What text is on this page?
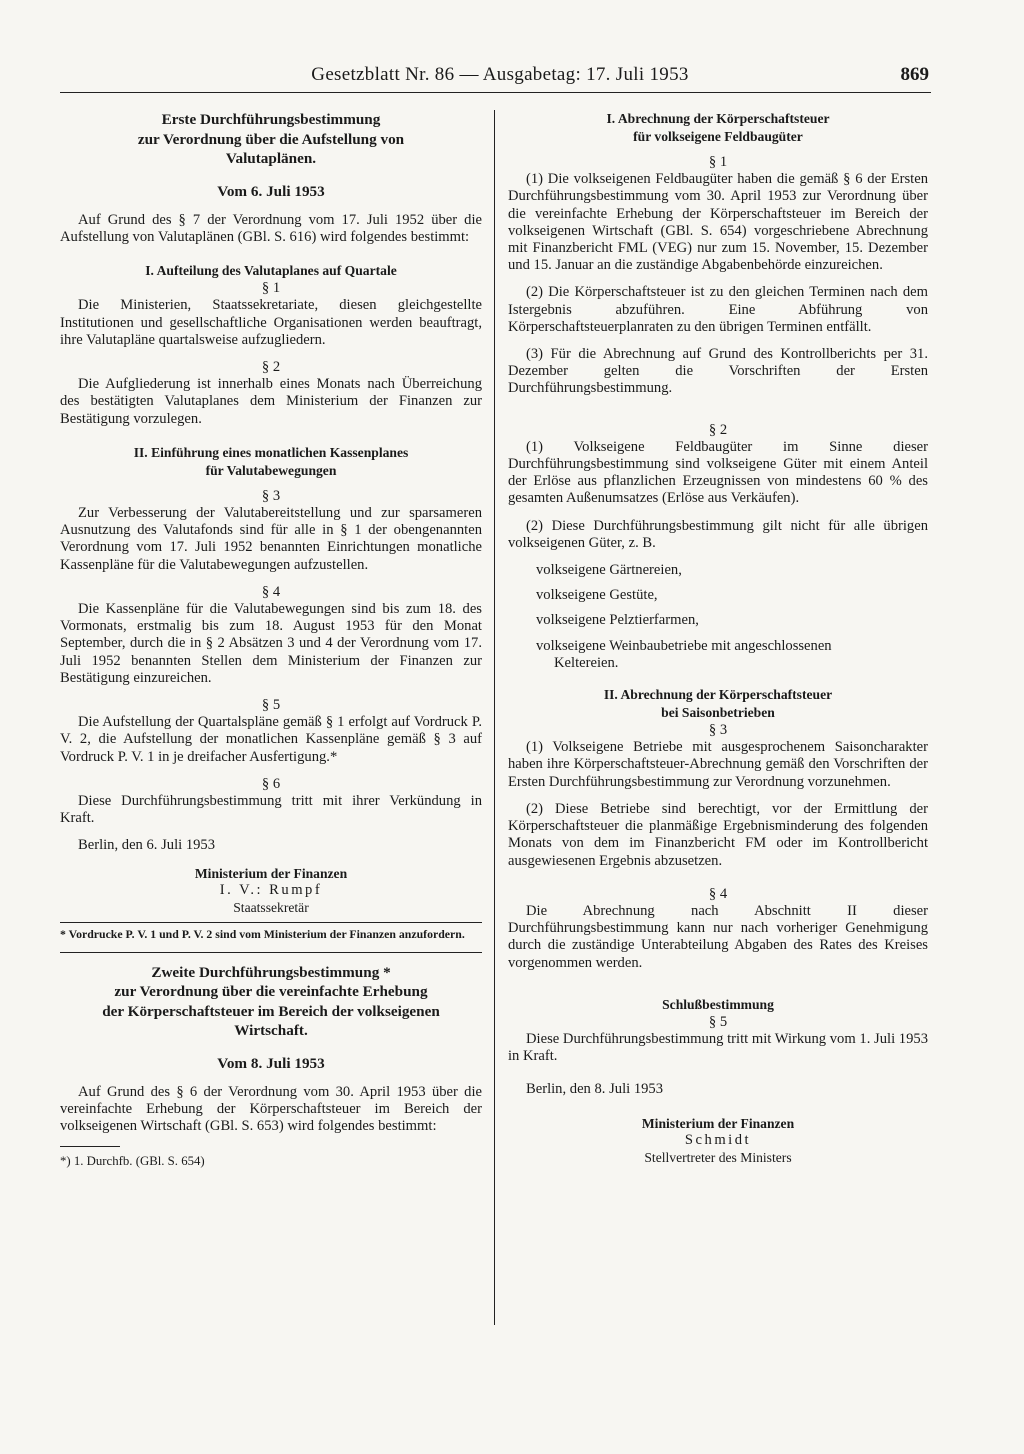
Gesetzblatt Nr. 86 — Ausgabetag: 17. Juli 1953	869

Erste Durchführungsbestimmung

zur Verordnung über die Aufstellung von

Valutaplänen.

Vom 6. Juli 1953

Auf Grund des § 7 der Verordnung vom 17. Juli 1952 über die Aufstellung von Valutaplänen (GBl. S. 616) wird folgendes bestimmt:

I. Aufteilung des Valutaplanes auf Quartale

§ 1

Die Ministerien, Staatssekretariate, diesen gleichgestellte Institutionen und gesellschaftliche Organisationen werden beauftragt, ihre Valutapläne quartalsweise aufzugliedern.

§ 2

Die Aufgliederung ist innerhalb eines Monats nach Überreichung des bestätigten Valutaplanes dem Ministerium der Finanzen zur Bestätigung vorzulegen.

II. Einführung eines monatlichen Kassenplanes

für Valutabewegungen

§ 3

Zur Verbesserung der Valutabereitstellung und zur sparsameren Ausnutzung des Valutafonds sind für alle in § 1 der obengenannten Verordnung vom 17. Juli 1952 benannten Einrichtungen monatliche Kassenpläne für die Valutabewegungen aufzustellen.

§ 4

Die Kassenpläne für die Valutabewegungen sind bis zum 18. des Vormonats, erstmalig bis zum 18. August 1953 für den Monat September, durch die in § 2 Absätzen 3 und 4 der Verordnung vom 17. Juli 1952 benannten Stellen dem Ministerium der Finanzen zur Bestätigung einzureichen.

§ 5

Die Aufstellung der Quartalspläne gemäß § 1 erfolgt auf Vordruck P. V. 2, die Aufstellung der monatlichen Kassenpläne gemäß § 3 auf Vordruck P. V. 1 in je dreifacher Ausfertigung.*

§ 6

Diese Durchführungsbestimmung tritt mit ihrer Verkündung in Kraft.

Berlin, den 6. Juli 1953

Ministerium der Finanzen

I. V.: Rumpf

Staatssekretär

* Vordrucke P. V. 1 und P. V. 2 sind vom Ministerium der Finanzen anzufordern.

Zweite Durchführungsbestimmung *

zur Verordnung über die vereinfachte Erhebung

der Körperschaftsteuer im Bereich der volkseigenen

Wirtschaft.

Vom 8. Juli 1953

Auf Grund des § 6 der Verordnung vom 30. April 1953 über die vereinfachte Erhebung der Körperschaftsteuer im Bereich der volkseigenen Wirtschaft (GBl. S. 653) wird folgendes bestimmt:

*) 1. Durchfb. (GBl. S. 654)

I. Abrechnung der Körperschaftsteuer

für volkseigene Feldbaugüter

§ 1

(1) Die volkseigenen Feldbaugüter haben die gemäß § 6 der Ersten Durchführungsbestimmung vom 30. April 1953 zur Verordnung über die vereinfachte Erhebung der Körperschaftsteuer im Bereich der volkseigenen Wirtschaft (GBl. S. 654) vorgeschriebene Abrechnung mit Finanzbericht FML (VEG) nur zum 15. November, 15. Dezember und 15. Januar an die zuständige Abgabenbehörde einzureichen.

(2) Die Körperschaftsteuer ist zu den gleichen Terminen nach dem Istergebnis abzuführen. Eine Abführung von Körperschaftsteuerplanraten zu den übrigen Terminen entfällt.

(3) Für die Abrechnung auf Grund des Kontrollberichts per 31. Dezember gelten die Vorschriften der Ersten Durchführungsbestimmung.

§ 2

(1) Volkseigene Feldbaugüter im Sinne dieser Durchführungsbestimmung sind volkseigene Güter mit einem Anteil der Erlöse aus pflanzlichen Erzeugnissen von mindestens 60 % des gesamten Außenumsatzes (Erlöse aus Verkäufen).

(2) Diese Durchführungsbestimmung gilt nicht für alle übrigen volkseigenen Güter, z. B.

volkseigene Gärtnereien,

volkseigene Gestüte,

volkseigene Pelztierfarmen,

volkseigene Weinbaubetriebe mit angeschlossenen

Keltereien.

II. Abrechnung der Körperschaftsteuer

bei Saisonbetrieben

§ 3

(1) Volkseigene Betriebe mit ausgesprochenem Saisoncharakter haben ihre Körperschaftsteuer-Abrechnung gemäß den Vorschriften der Ersten Durchführungsbestimmung zur Verordnung vorzunehmen.

(2) Diese Betriebe sind berechtigt, vor der Ermittlung der Körperschaftsteuer die planmäßige Ergebnisminderung des folgenden Monats von dem im Finanzbericht FM oder im Kontrollbericht ausgewiesenen Ergebnis abzusetzen.

§ 4

Die Abrechnung nach Abschnitt II dieser Durchführungsbestimmung kann nur nach vorheriger Genehmigung durch die zuständige Unterabteilung Abgaben des Rates des Kreises vorgenommen werden.

Schlußbestimmung

§ 5

Diese Durchführungsbestimmung tritt mit Wirkung vom 1. Juli 1953 in Kraft.

Berlin, den 8. Juli 1953

Ministerium der Finanzen

Schmidt

Stellvertreter des Ministers
